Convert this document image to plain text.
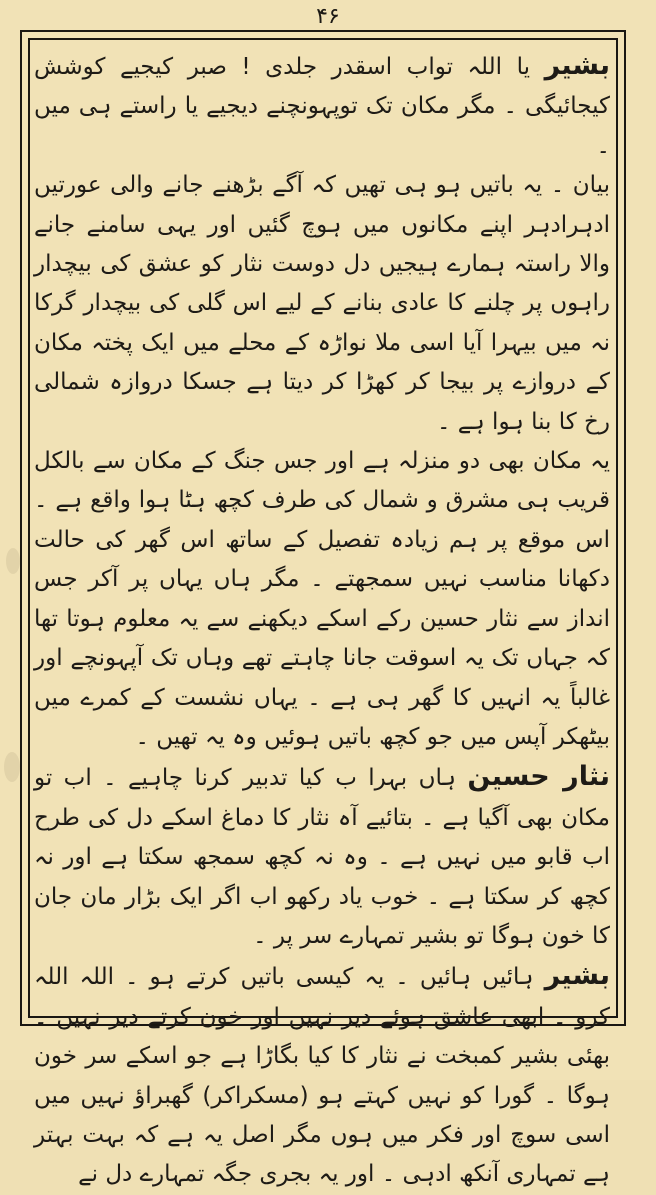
۴۶

بشیر یا اللہ تواب اسقدر جلدی ! صبر کیجیے کوشش کیجائیگی ۔ مگر مکان تک توپہونچنے دیجیے یا راستے ہی میں ۔

بیان ۔ یہ باتیں ہو ہی تھیں کہ آگے بڑھنے جانے والی عورتیں ادہرادہر اپنے مکانوں میں ہوچ گئیں اور یہی سامنے جانے والا راستہ ہمارے ہیجیں دل دوست نثار کو عشق کی بیچدار راہوں پر چلنے کا عادی بنانے کے لیے اس گلی کی بیچدار گرکا نہ میں بیہرا آیا اسی ملا نواڑہ کے محلے میں ایک پختہ مکان کے دروازے پر بیجا کر کھڑا کر دیتا ہے جسکا دروازہ شمالی رخ کا بنا ہوا ہے ۔

یہ مکان بھی دو منزلہ ہے اور جس جنگ کے مکان سے بالکل قریب ہی مشرق و شمال کی طرف کچھ ہٹا ہوا واقع ہے ۔ اس موقع پر ہم زیادہ تفصیل کے ساتھ اس گھر کی حالت دکھانا مناسب نہیں سمجھتے ۔ مگر ہاں یہاں پر آکر جس انداز سے نثار حسین رکے اسکے دیکھنے سے یہ معلوم ہوتا تھا کہ جہاں تک یہ اسوقت جانا چاہتے تھے وہاں تک آپہونچے اور غالباً یہ انہیں کا گھر ہی ہے ۔ یہاں نشست کے کمرے میں بیٹھکر آپس میں جو کچھ باتیں ہوئیں وہ یہ تھیں ۔

نثار حسین ہاں بہرا ب کیا تدبیر کرنا چاہیے ۔ اب تو مکان بھی آگیا ہے ۔ بتائیے آہ نثار کا دماغ اسکے دل کی طرح اب قابو میں نہیں ہے ۔ وہ نہ کچھ سمجھ سکتا ہے اور نہ کچھ کر سکتا ہے ۔ خوب یاد رکھو اب اگر ایک بڑار مان جان کا خون ہوگا تو بشیر تمہارے سر پر ۔

بشیر ہائیں ہائیں ۔ یہ کیسی باتیں کرتے ہو ۔ اللہ اللہ کرو ۔ ابھی عاشق ہوئے دیر نہیں اور خون کرتے دیر نہیں ۔ بھئی بشیر کمبخت نے نثار کا کیا بگاڑا ہے جو اسکے سر خون ہوگا ۔ گورا کو نہیں کہتے ہو (مسکراکر) گھبراؤ نہیں میں اسی سوچ اور فکر میں ہوں مگر اصل یہ ہے کہ بہت بہتر ہے تمہاری آنکھ ادہی ۔ اور یہ بجری جگہ تمہارے دل نے
